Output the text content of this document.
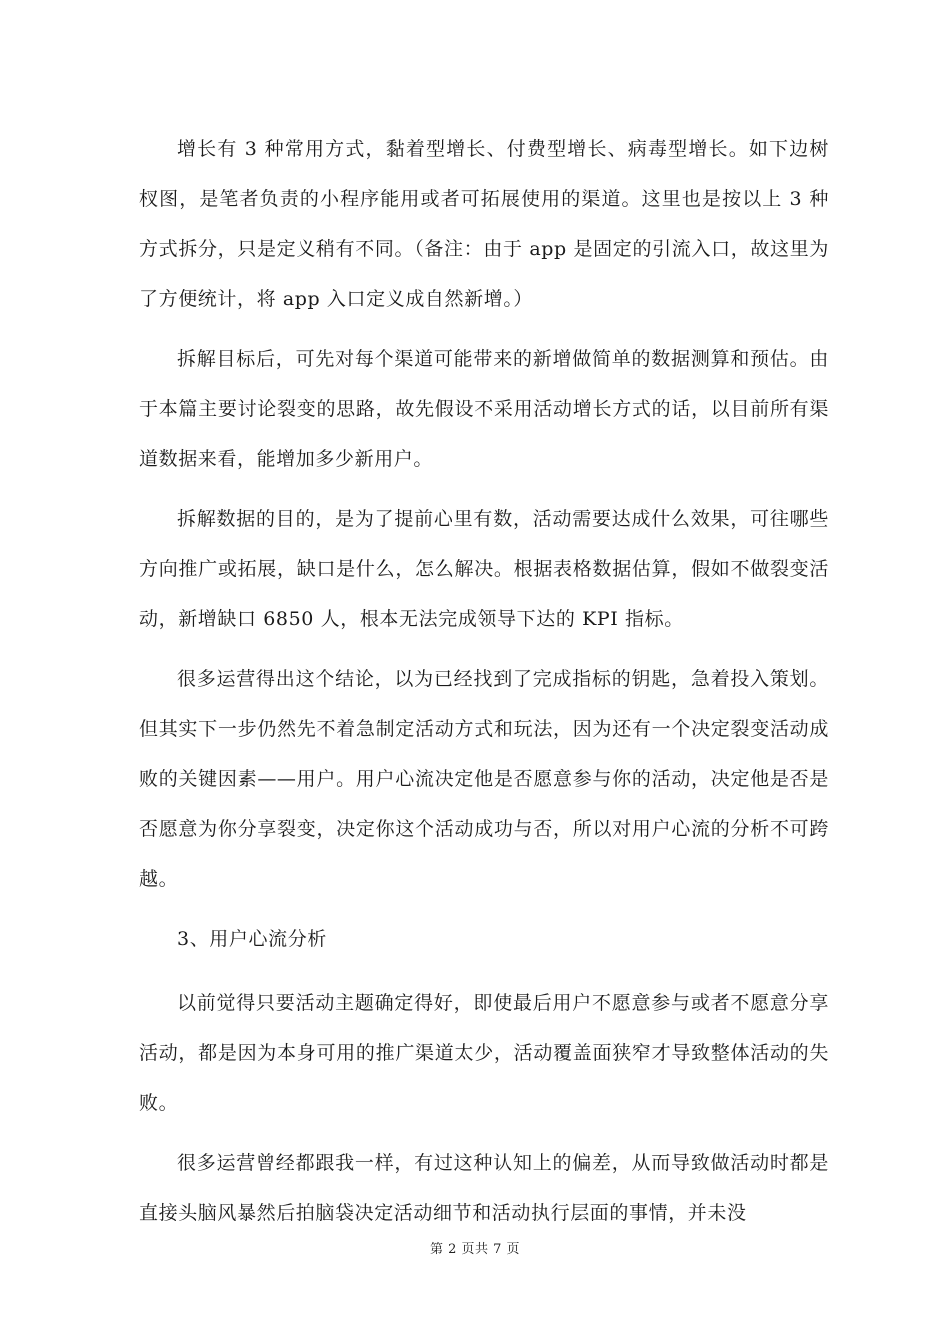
增长有 3 种常用方式，黏着型增长、付费型增长、病毒型增长。如下边树杈图，是笔者负责的小程序能用或者可拓展使用的渠道。这里也是按以上 3 种方式拆分，只是定义稍有不同。（备注：由于 app 是固定的引流入口，故这里为了方便统计，将 app 入口定义成自然新增。）

拆解目标后，可先对每个渠道可能带来的新增做简单的数据测算和预估。由于本篇主要讨论裂变的思路，故先假设不采用活动增长方式的话，以目前所有渠道数据来看，能增加多少新用户。

拆解数据的目的，是为了提前心里有数，活动需要达成什么效果，可往哪些方向推广或拓展，缺口是什么，怎么解决。根据表格数据估算，假如不做裂变活动，新增缺口 6850 人，根本无法完成领导下达的 KPI 指标。

很多运营得出这个结论，以为已经找到了完成指标的钥匙，急着投入策划。但其实下一步仍然先不着急制定活动方式和玩法，因为还有一个决定裂变活动成败的关键因素——用户。用户心流决定他是否愿意参与你的活动，决定他是否是否愿意为你分享裂变，决定你这个活动成功与否，所以对用户心流的分析不可跨越。

3、用户心流分析

以前觉得只要活动主题确定得好，即使最后用户不愿意参与或者不愿意分享活动，都是因为本身可用的推广渠道太少，活动覆盖面狭窄才导致整体活动的失败。

很多运营曾经都跟我一样，有过这种认知上的偏差，从而导致做活动时都是直接头脑风暴然后拍脑袋决定活动细节和活动执行层面的事情，并未没

第 2 页共 7 页
